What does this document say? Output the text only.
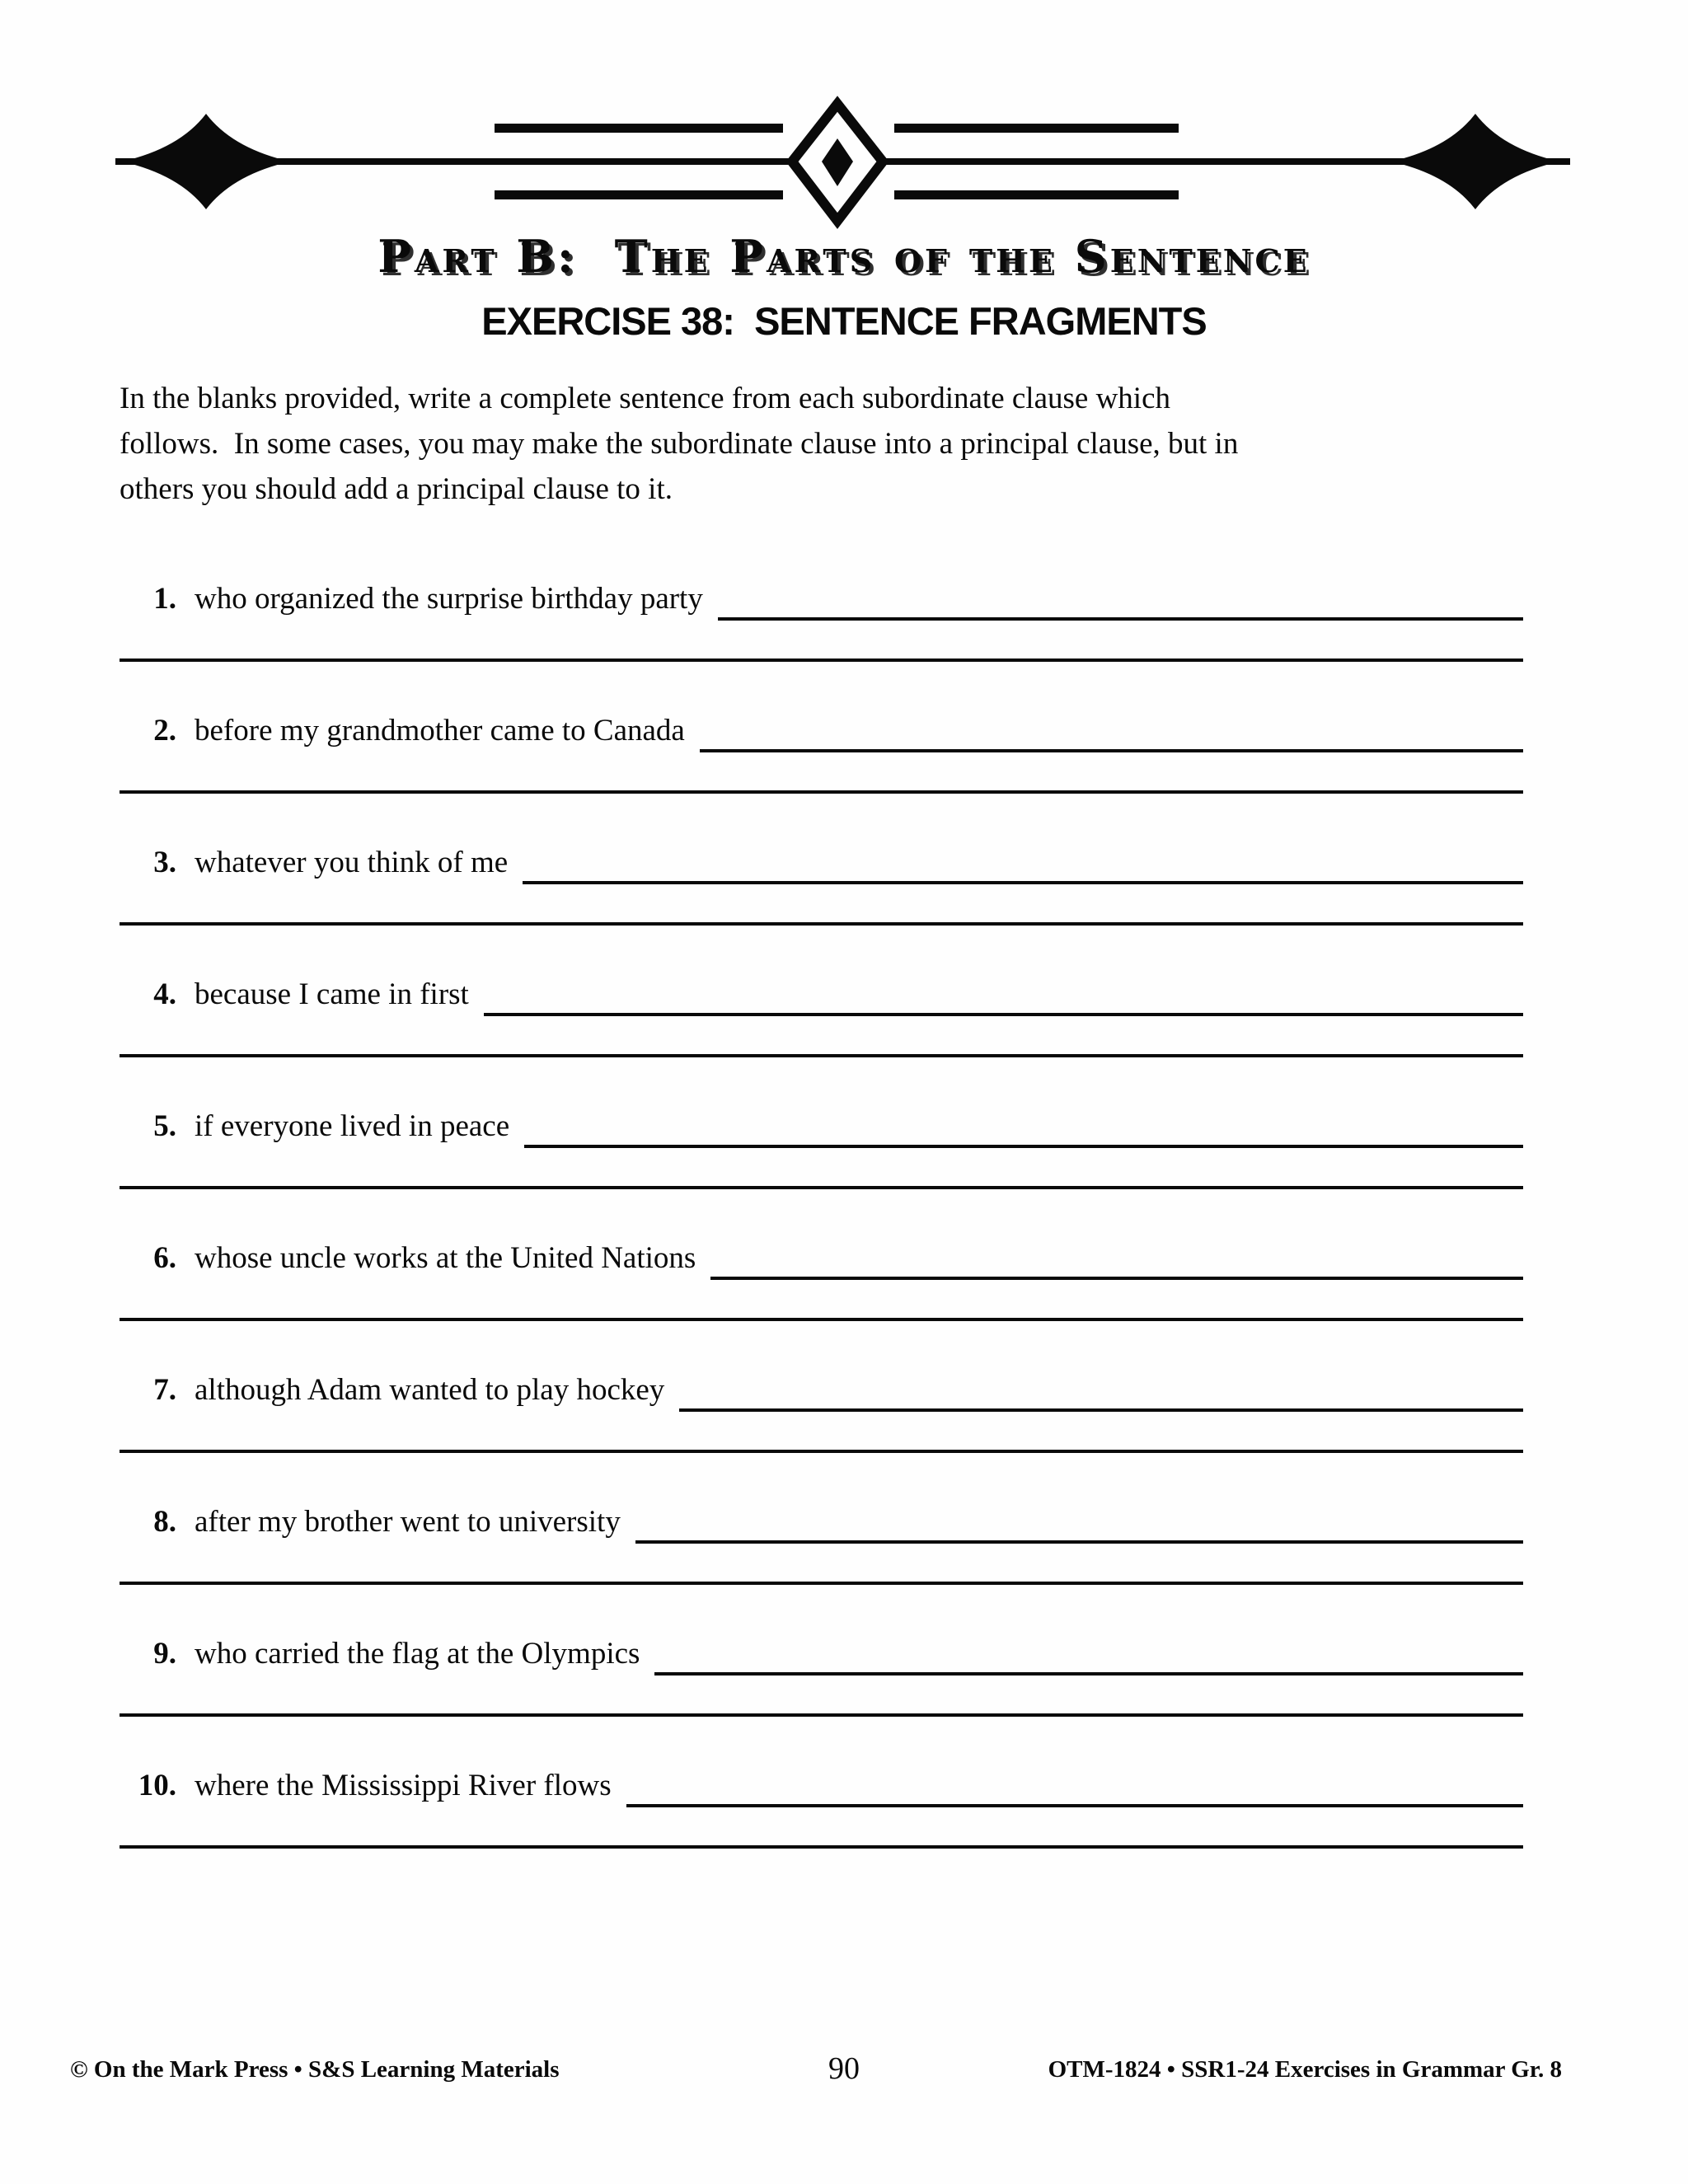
Part B:  The Parts of the Sentence
EXERCISE 38:  SENTENCE FRAGMENTS
In the blanks provided, write a complete sentence from each subordinate clause which
follows.  In some cases, you may make the subordinate clause into a principal clause, but in
others you should add a principal clause to it.
1. who organized the surprise birthday party
2. before my grandmother came to Canada
3. whatever you think of me
4. because I came in first
5. if everyone lived in peace
6. whose uncle works at the United Nations
7. although Adam wanted to play hockey
8. after my brother went to university
9. who carried the flag at the Olympics
10. where the Mississippi River flows
© On the Mark Press • S&S Learning Materials	90	OTM-1824 • SSR1-24 Exercises in Grammar Gr. 8
